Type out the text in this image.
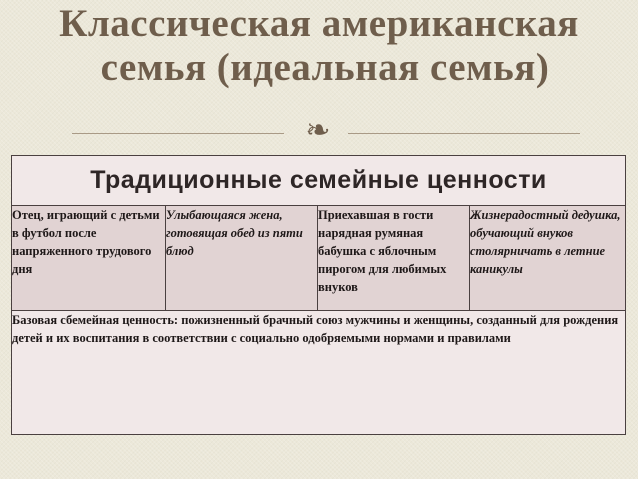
Классическая американская
семья (идеальная семья)
❧
Традиционные семейные ценности
Отец, играющий с детьми в футбол после напряженного трудового дня	Улыбающаяся жена, готовящая обед из пяти блюд	Приехавшая в гости нарядная румяная бабушка с яблочным пирогом для любимых внуков	Жизнерадостный дедушка, обучающий внуков столярничать в летние каникулы
Базовая сбемейная ценность: пожизненный брачный союз мужчины и женщины, созданный для рождения детей и их воспитания в соответствии с социально одобряемыми нормами и правилами
